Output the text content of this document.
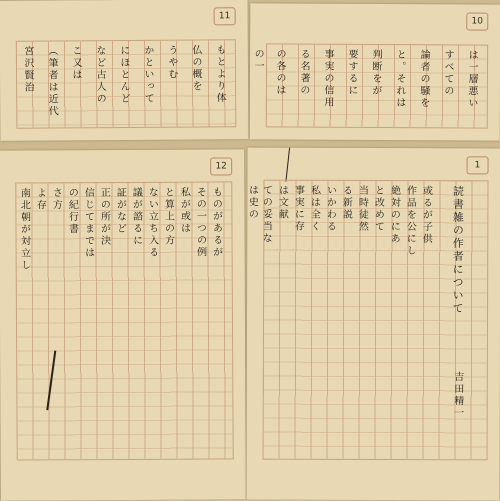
11
もとより体
仏の概を
うやむ
かといって
にほとんど
など古人の
こ又は
（筆者は近代
宮沢賢治
10
は一層悪い
すべての
論者の騒を
と。それは
判断をが
要するに
事実の信用
る名著の
の各のは
の一
12
ものがあるが
その一つの例
私が或は
と算上の方
ない立ち入る
議が諮るに
証がなど
正の所が決
信じてまでは
の紀行書
さ方
よ存
南北朝が対立し
1
読書雑の作者について
吉田精一
或るが子供
作品を公にし
絶対のにあ
と改めて
当時徒然
る新説
いかわる
私は全く
事実に存
は文献
ての妥当な
は史の
